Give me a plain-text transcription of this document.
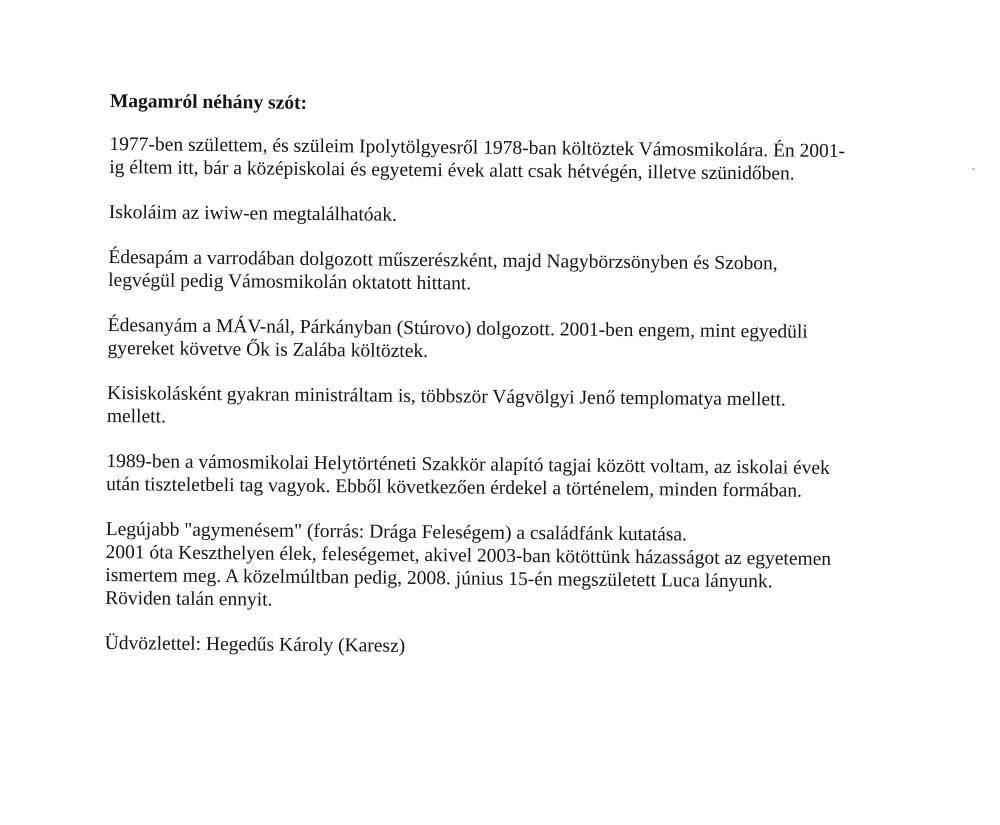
Magamról néhány szót:
1977-ben születtem, és szüleim Ipolytölgyesről 1978-ban költöztek Vámosmikolára. Én 2001-
ig éltem itt, bár a középiskolai és egyetemi évek alatt csak hétvégén, illetve szünidőben.
Iskoláim az iwiw-en megtalálhatóak.
Édesapám a varrodában dolgozott műszerészként, majd Nagybörzsönyben és Szobon,
legvégül pedig Vámosmikolán oktatott hittant.
Édesanyám a MÁV-nál, Párkányban (Stúrovo) dolgozott. 2001-ben engem, mint egyedüli
gyereket követve Ők is Zalába költöztek.
Kisiskolásként gyakran ministráltam is, többször Vágvölgyi Jenő templomatya mellett.
mellett.
1989-ben a vámosmikolai Helytörténeti Szakkör alapító tagjai között voltam, az iskolai évek
után tiszteletbeli tag vagyok. Ebből következően érdekel a történelem, minden formában.
Legújabb "agymenésem" (forrás: Drága Feleségem) a családfánk kutatása.
2001 óta Keszthelyen élek, feleségemet, akivel 2003-ban kötöttünk házasságot az egyetemen
ismertem meg. A közelmúltban pedig, 2008. június 15-én megszületett Luca lányunk.
Röviden talán ennyit.
Üdvözlettel: Hegedűs Károly (Karesz)
